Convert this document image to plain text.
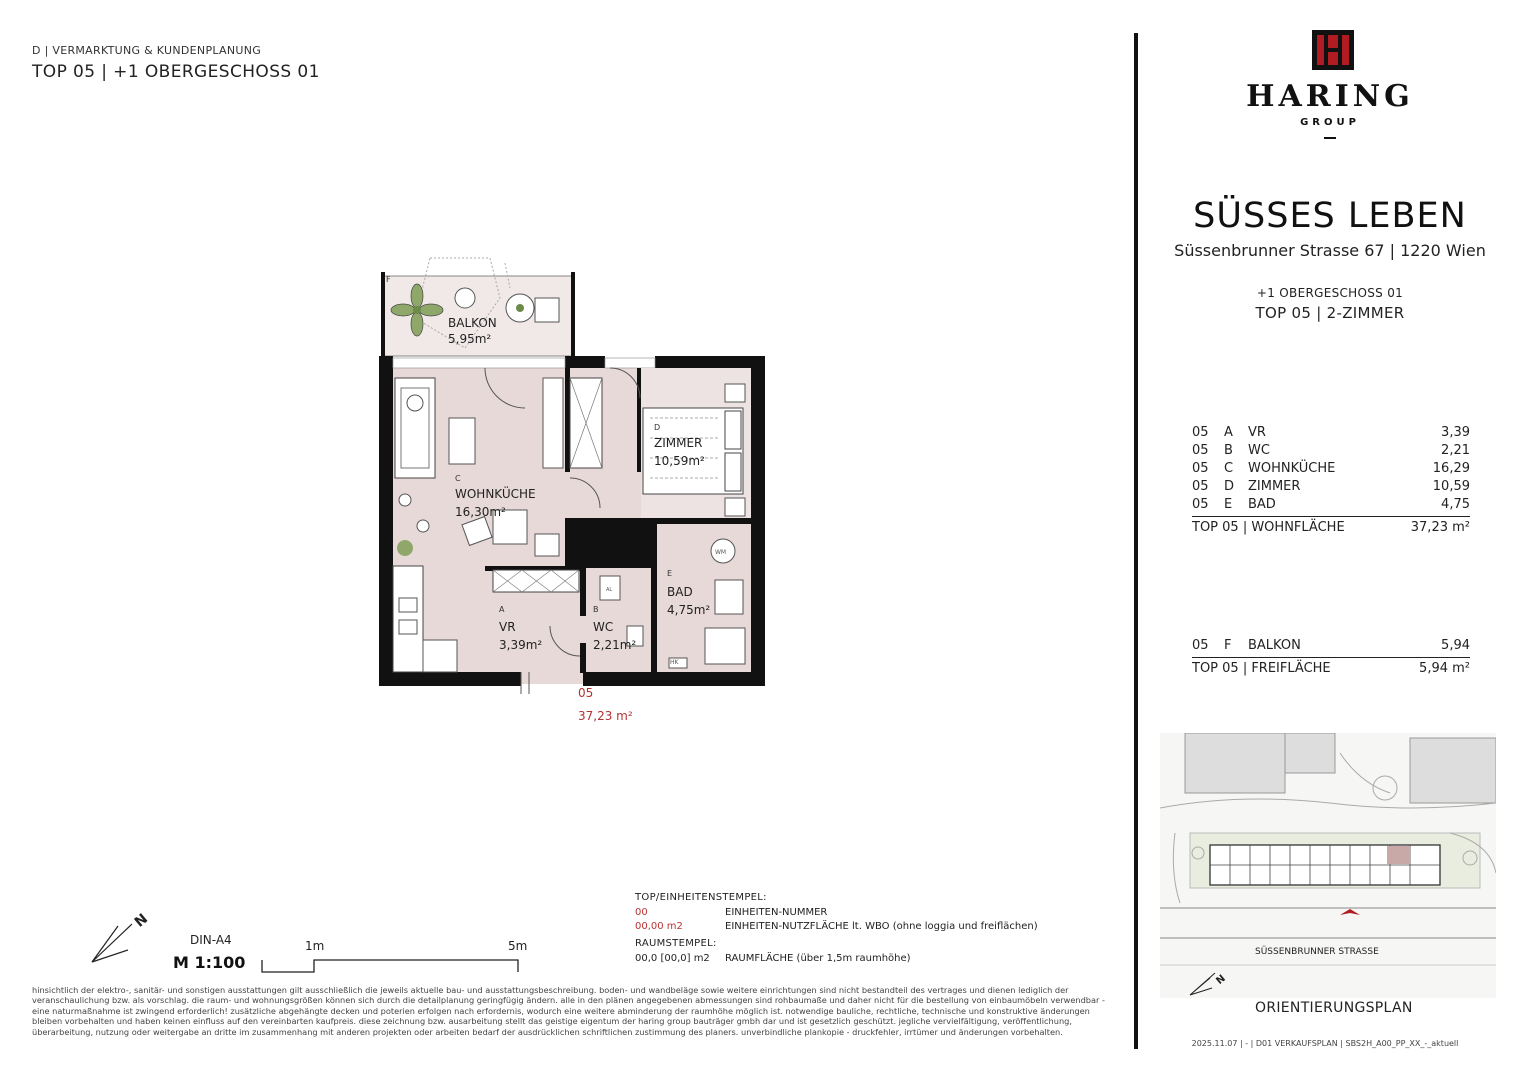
D | VERMARKTUNG & KUNDENPLANUNG
TOP 05 | +1 OBERGESCHOSS 01
F
BALKON
5,95m²
AL
WM
HK
C
WOHNKÜCHE
16,30m²
D
ZIMMER
10,59m²
E
BAD
4,75m²
A
VR
3,39m²
B
WC
2,21m²
05
37,23 m²
N
DIN-A4
M 1:100
1m	5m
TOP/EINHEITENSTEMPEL:
00	EINHEITEN-NUMMER
00,00 m2	EINHEITEN-NUTZFLÄCHE lt. WBO (ohne loggia und freiflächen)
RAUMSTEMPEL:
00,0 [00,0] m2	RAUMFLÄCHE (über 1,5m raumhöhe)
hinsichtlich der elektro-, sanitär- und sonstigen ausstattungen gilt ausschließlich die jeweils aktuelle bau- und ausstattungsbeschreibung. boden- und wandbeläge sowie weitere einrichtungen sind nicht bestandteil des vertrages und dienen lediglich der veranschaulichung bzw. als vorschlag. die raum- und wohnungsgrößen können sich durch die detailplanung geringfügig ändern. alle in den plänen angegebenen abmessungen sind rohbaumaße und daher nicht für die bestellung von einbaumöbeln verwendbar - eine naturmaßnahme ist zwingend erforderlich! zusätzliche abgehängte decken und poterien erfolgen nach erfordernis, wodurch eine weitere abminderung der raumhöhe möglich ist. notwendige bauliche, rechtliche, technische und konstruktive änderungen bleiben vorbehalten und haben keinen einfluss auf den vereinbarten kaufpreis. diese zeichnung bzw. ausarbeitung stellt das geistige eigentum der haring group bauträger gmbh dar und ist gesetzlich geschützt. jegliche vervielfältigung, veröffentlichung, überarbeitung, nutzung oder weitergabe an dritte im zusammenhang mit anderen projekten oder arbeiten bedarf der ausdrücklichen schriftlichen zustimmung des planers. unverbindliche plankopie - druckfehler, irrtümer und änderungen vorbehalten.
HARING
GROUP
SÜSSES LEBEN
Süssenbrunner Strasse 67 | 1220 Wien
+1 OBERGESCHOSS 01
TOP 05 | 2-ZIMMER
05	A	VR	3,39
05	B	WC	2,21
05	C	WOHNKÜCHE	16,29
05	D	ZIMMER	10,59
05	E	BAD	4,75
TOP 05 | WOHNFLÄCHE	37,23 m²
05	F	BALKON	5,94
TOP 05 | FREIFLÄCHE	5,94 m²
SÜSSENBRUNNER STRASSE
N
ORIENTIERUNGSPLAN
2025.11.07 | - | D01 VERKAUFSPLAN | SBS2H_A00_PP_XX_-_aktuell
